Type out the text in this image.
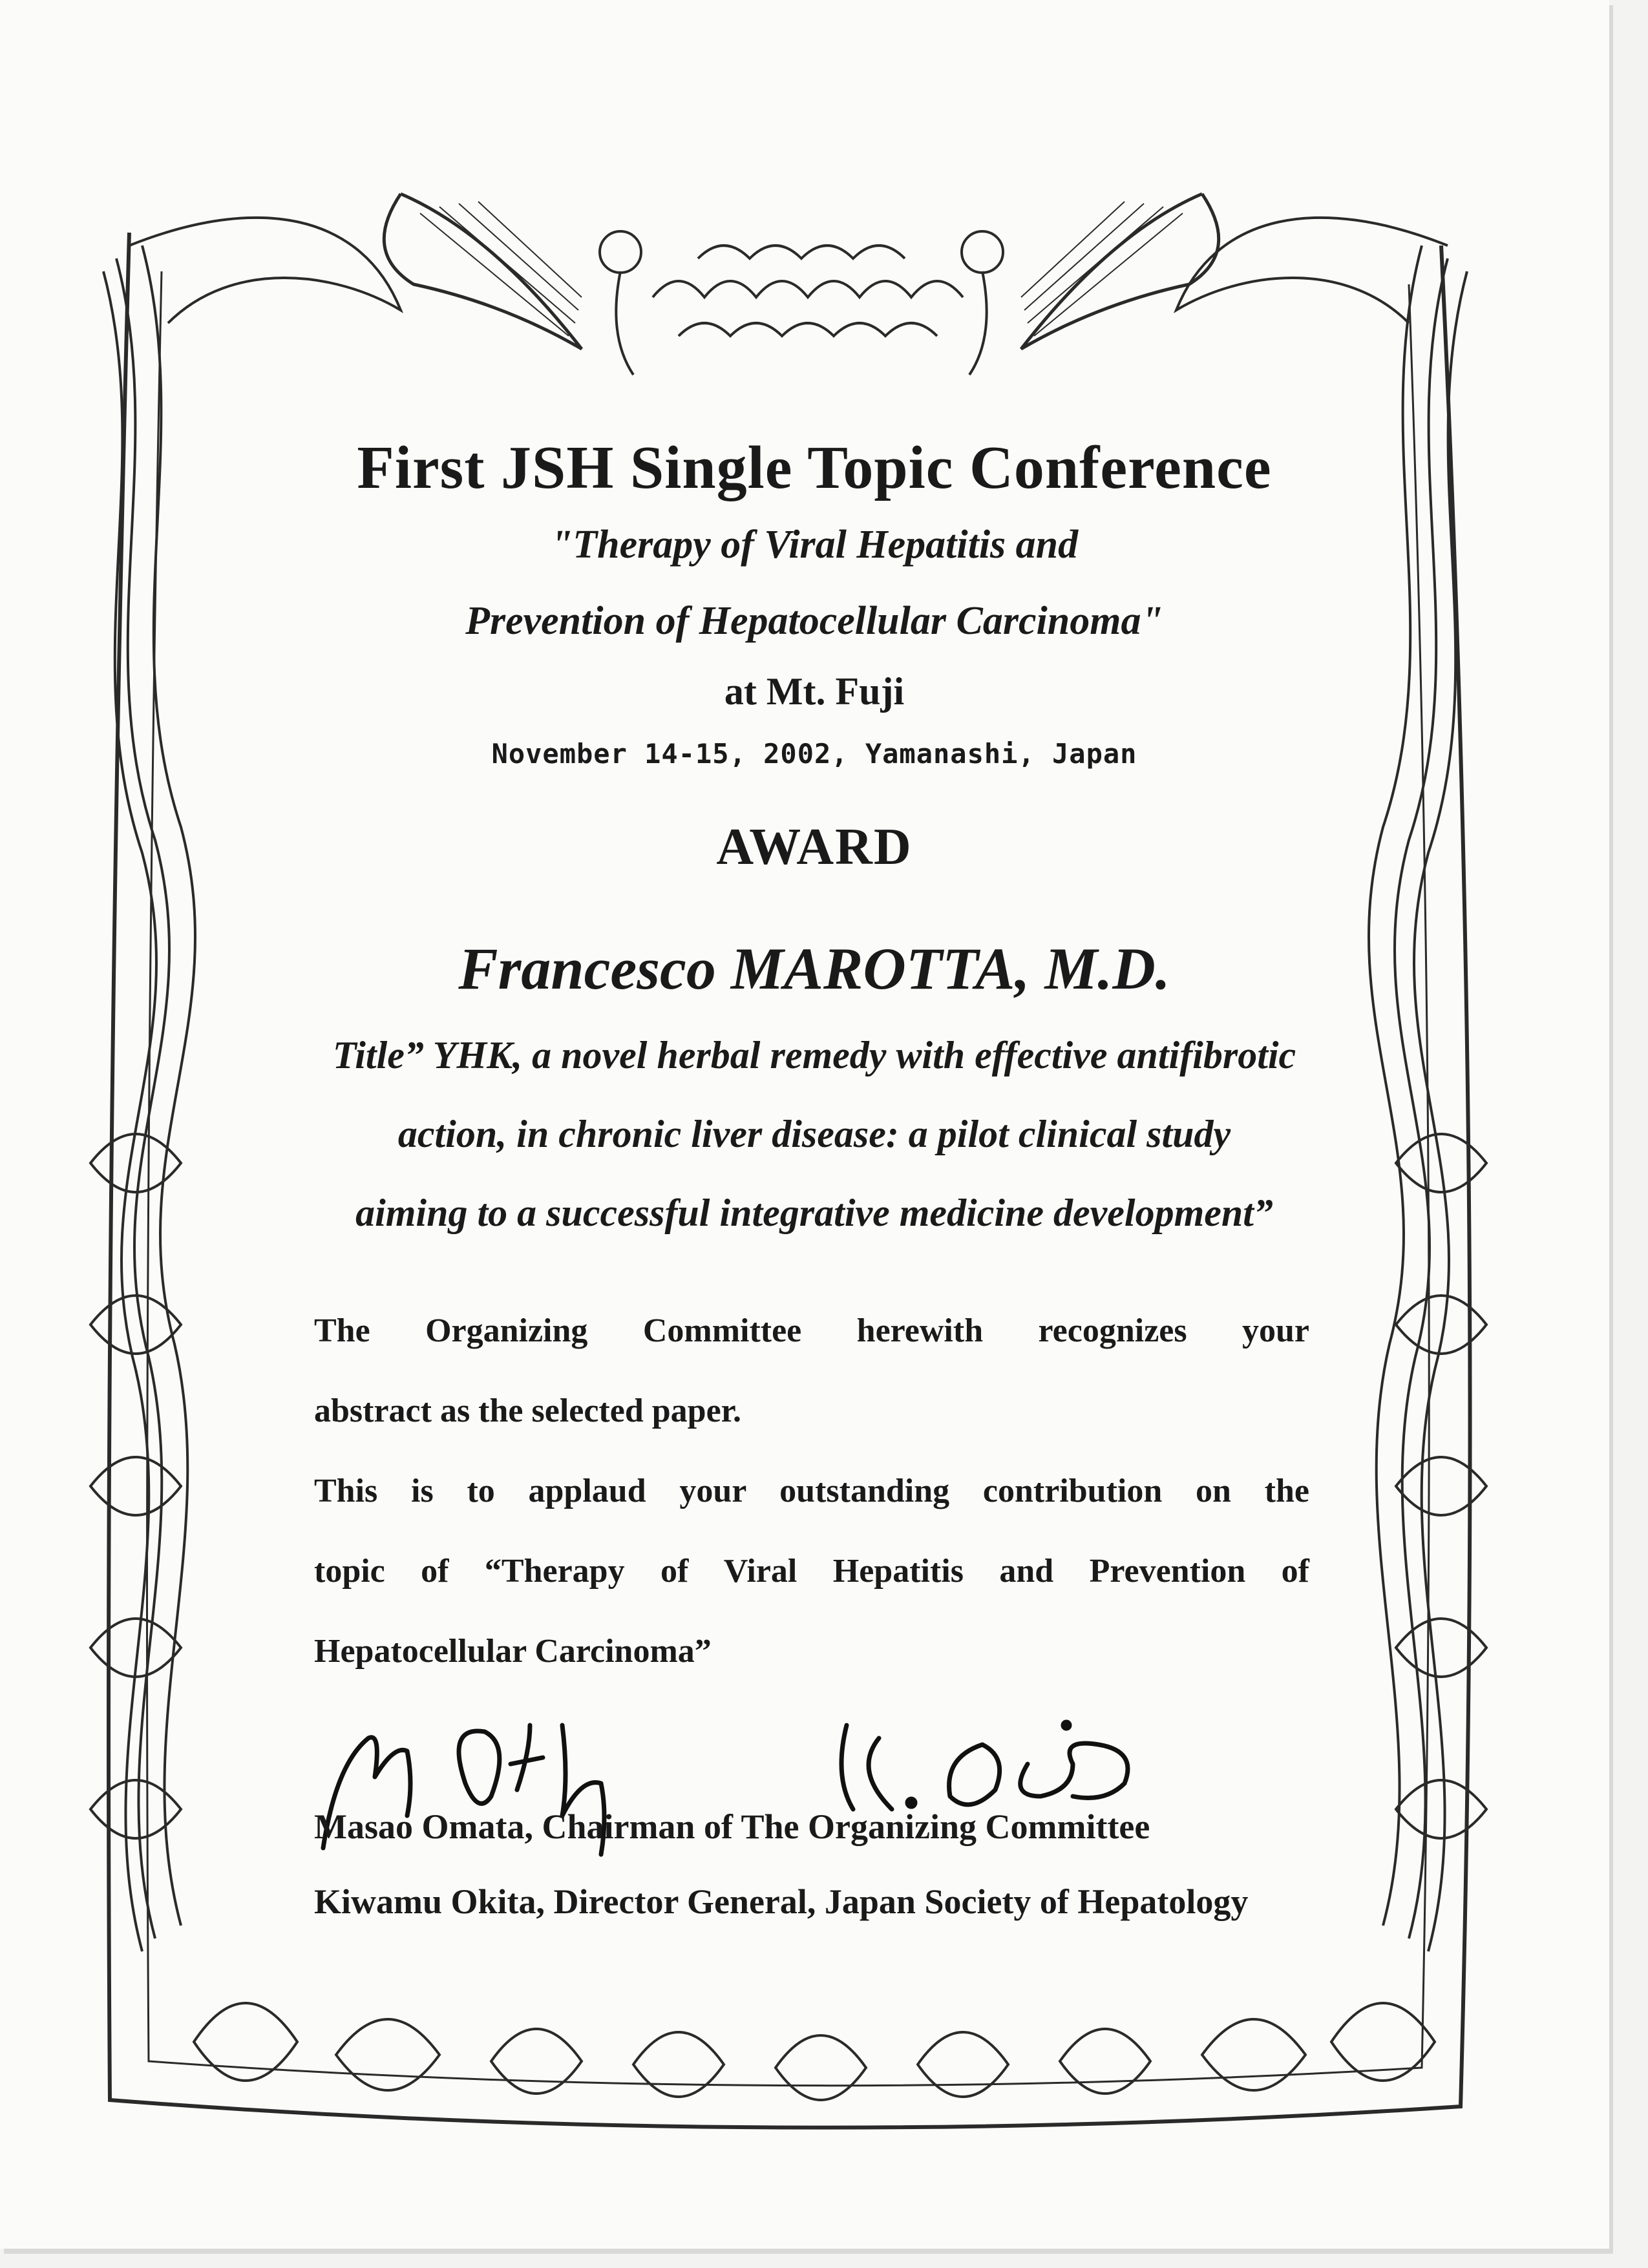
First JSH Single Topic Conference
"Therapy of Viral Hepatitis and
Prevention of Hepatocellular Carcinoma"
at Mt. Fuji
November 14-15, 2002, Yamanashi, Japan
AWARD
Francesco MAROTTA, M.D.
Title” YHK, a novel herbal remedy with effective antifibrotic
action, in chronic liver disease: a pilot clinical study
aiming to a successful integrative medicine development”
The Organizing Committee herewith recognizes your
abstract as the selected paper.
This is to applaud your outstanding contribution on the
topic of “Therapy of Viral Hepatitis and Prevention of
Hepatocellular Carcinoma”
Masao Omata, Chairman of The Organizing Committee
Kiwamu Okita, Director General, Japan Society of Hepatology
